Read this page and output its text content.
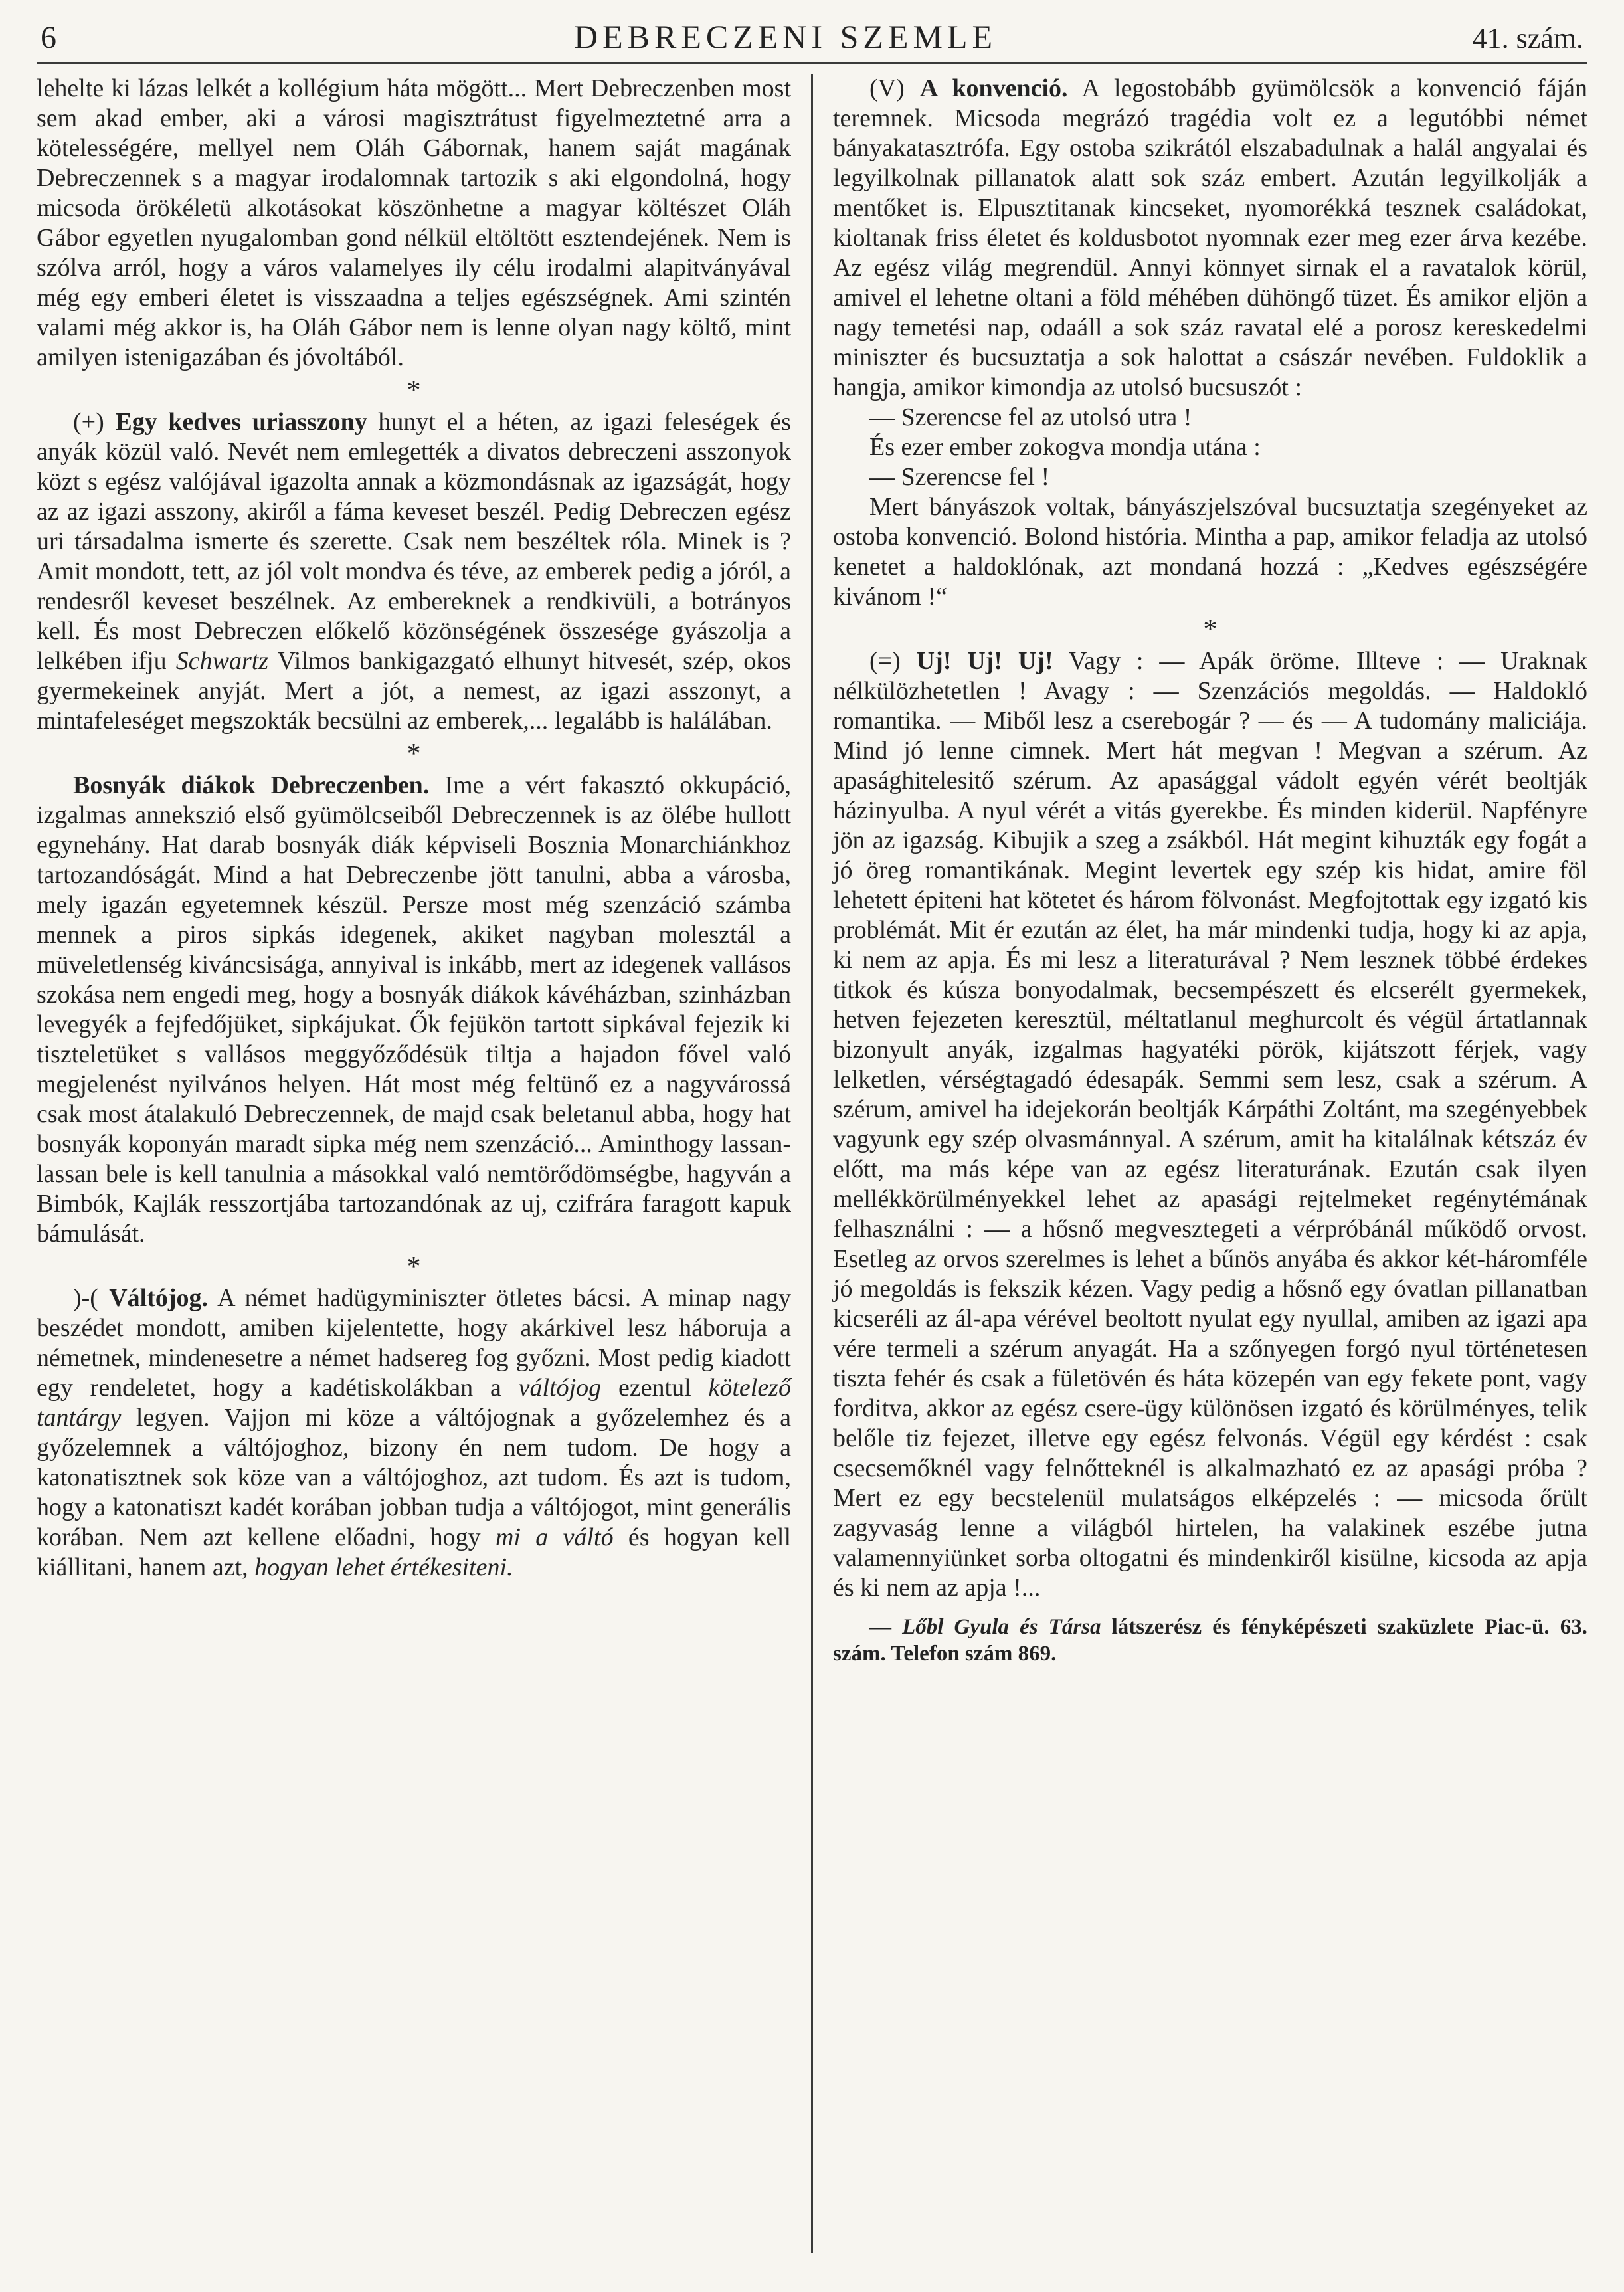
6	DEBRECZENI SZEMLE	41. szám.

lehelte ki lázas lelkét a kollégium háta mögött... Mert Debreczenben most sem akad ember, aki a városi magisztrátust figyelmeztetné arra a kötelességére, mellyel nem Oláh Gábornak, hanem saját magának Debreczennek s a magyar irodalomnak tartozik s aki elgondolná, hogy micsoda örökéletü alkotásokat köszönhetne a magyar költészet Oláh Gábor egyetlen nyugalomban gond nélkül eltöltött esztendejének. Nem is szólva arról, hogy a város valamelyes ily célu irodalmi alapitványával még egy emberi életet is visszaadna a teljes egészségnek. Ami szintén valami még akkor is, ha Oláh Gábor nem is lenne olyan nagy költő, mint amilyen istenigazában és jóvoltából.

*

(+) Egy kedves uriasszony hunyt el a héten, az igazi feleségek és anyák közül való. Nevét nem emlegették a divatos debreczeni asszonyok közt s egész valójával igazolta annak a közmondásnak az igazságát, hogy az az igazi asszony, akiről a fáma keveset beszél. Pedig Debreczen egész uri társadalma ismerte és szerette. Csak nem beszéltek róla. Minek is ? Amit mondott, tett, az jól volt mondva és téve, az emberek pedig a jóról, a rendesről keveset beszélnek. Az embereknek a rendkivüli, a botrányos kell. És most Debreczen előkelő közönségének összesége gyászolja a lelkében ifju Schwartz Vilmos bankigazgató elhunyt hitvesét, szép, okos gyermekeinek anyját. Mert a jót, a nemest, az igazi asszonyt, a mintafeleséget megszokták becsülni az emberek,... legalább is halálában.

*

Bosnyák diákok Debreczenben. Ime a vért fakasztó okkupáció, izgalmas annekszió első gyümölcseiből Debreczennek is az ölébe hullott egynehány. Hat darab bosnyák diák képviseli Bosznia Monarchiánkhoz tartozandóságát. Mind a hat Debreczenbe jött tanulni, abba a városba, mely igazán egyetemnek készül. Persze most még szenzáció számba mennek a piros sipkás idegenek, akiket nagyban molesztál a müveletlenség kiváncsisága, annyival is inkább, mert az idegenek vallásos szokása nem engedi meg, hogy a bosnyák diákok kávéházban, szinházban levegyék a fejfedőjüket, sipkájukat. Ők fejükön tartott sipkával fejezik ki tiszteletüket s vallásos meggyőződésük tiltja a hajadon fővel való megjelenést nyilvános helyen. Hát most még feltünő ez a nagyvárossá csak most átalakuló Debreczennek, de majd csak beletanul abba, hogy hat bosnyák koponyán maradt sipka még nem szenzáció... Aminthogy lassan-lassan bele is kell tanulnia a másokkal való nemtörődömségbe, hagyván a Bimbók, Kajlák resszortjába tartozandónak az uj, czifrára faragott kapuk bámulását.

*

)-( Váltójog. A német hadügyminiszter ötletes bácsi. A minap nagy beszédet mondott, amiben kijelentette, hogy akárkivel lesz háboruja a németnek, mindenesetre a német hadsereg fog győzni. Most pedig kiadott egy rendeletet, hogy a kadétiskolákban a váltójog ezentul kötelező tantárgy legyen. Vajjon mi köze a váltójognak a győzelemhez és a győzelemnek a váltójoghoz, bizony én nem tudom. De hogy a katonatisztnek sok köze van a váltójoghoz, azt tudom. És azt is tudom, hogy a katonatiszt kadét korában jobban tudja a váltójogot, mint generális korában. Nem azt kellene előadni, hogy mi a váltó és hogyan kell kiállitani, hanem azt, hogyan lehet értékesiteni.

(V) A konvenció. A legostobább gyümölcsök a konvenció fáján teremnek. Micsoda megrázó tragédia volt ez a legutóbbi német bányakatasztrófa. Egy ostoba szikrától elszabadulnak a halál angyalai és legyilkolnak pillanatok alatt sok száz embert. Azután legyilkolják a mentőket is. Elpusztitanak kincseket, nyomorékká tesznek családokat, kioltanak friss életet és koldusbotot nyomnak ezer meg ezer árva kezébe. Az egész világ megrendül. Annyi könnyet sirnak el a ravatalok körül, amivel el lehetne oltani a föld méhében dühöngő tüzet. És amikor eljön a nagy temetési nap, odaáll a sok száz ravatal elé a porosz kereskedelmi miniszter és bucsuztatja a sok halottat a császár nevében. Fuldoklik a hangja, amikor kimondja az utolsó bucsuszót :

— Szerencse fel az utolsó utra !

És ezer ember zokogva mondja utána :

— Szerencse fel !

Mert bányászok voltak, bányászjelszóval bucsuztatja szegényeket az ostoba konvenció. Bolond história. Mintha a pap, amikor feladja az utolsó kenetet a haldoklónak, azt mondaná hozzá : „Kedves egészségére kivánom !“

*

(=) Uj! Uj! Uj! Vagy : — Apák öröme. Illteve : — Uraknak nélkülözhetetlen ! Avagy : — Szenzációs megoldás. — Haldokló romantika. — Miből lesz a cserebogár ? — és — A tudomány maliciája. Mind jó lenne cimnek. Mert hát megvan ! Megvan a szérum. Az apasághitelesitő szérum. Az apasággal vádolt egyén vérét beoltják házinyulba. A nyul vérét a vitás gyerekbe. És minden kiderül. Napfényre jön az igazság. Kibujik a szeg a zsákból. Hát megint kihuzták egy fogát a jó öreg romantikának. Megint levertek egy szép kis hidat, amire föl lehetett épiteni hat kötetet és három fölvonást. Megfojtottak egy izgató kis problémát. Mit ér ezután az élet, ha már mindenki tudja, hogy ki az apja, ki nem az apja. És mi lesz a literaturával ? Nem lesznek többé érdekes titkok és kúsza bonyodalmak, becsempészett és elcserélt gyermekek, hetven fejezeten keresztül, méltatlanul meghurcolt és végül ártatlannak bizonyult anyák, izgalmas hagyatéki pörök, kijátszott férjek, vagy lelketlen, vérségtagadó édesapák. Semmi sem lesz, csak a szérum. A szérum, amivel ha idejekorán beoltják Kárpáthi Zoltánt, ma szegényebbek vagyunk egy szép olvasmánnyal. A szérum, amit ha kitalálnak kétszáz év előtt, ma más képe van az egész literaturának. Ezután csak ilyen mellékkörülményekkel lehet az apasági rejtelmeket regénytémának felhasználni : — a hősnő megvesztegeti a vérpróbánál működő orvost. Esetleg az orvos szerelmes is lehet a bűnös anyába és akkor két-háromféle jó megoldás is fekszik kézen. Vagy pedig a hősnő egy óvatlan pillanatban kicseréli az ál-apa vérével beoltott nyulat egy nyullal, amiben az igazi apa vére termeli a szérum anyagát. Ha a szőnyegen forgó nyul történetesen tiszta fehér és csak a fületövén és háta közepén van egy fekete pont, vagy forditva, akkor az egész csere-ügy különösen izgató és körülményes, telik belőle tiz fejezet, illetve egy egész felvonás. Végül egy kérdést : csak csecsemőknél vagy felnőtteknél is alkalmazható ez az apasági próba ? Mert ez egy becstelenül mulatságos elképzelés : — micsoda őrült zagyvaság lenne a világból hirtelen, ha valakinek eszébe jutna valamennyiünket sorba oltogatni és mindenkiről kisülne, kicsoda az apja és ki nem az apja !...

— Lőbl Gyula és Társa látszerész és fényképészeti szaküzlete Piac-ü. 63. szám. Telefon szám 869.
